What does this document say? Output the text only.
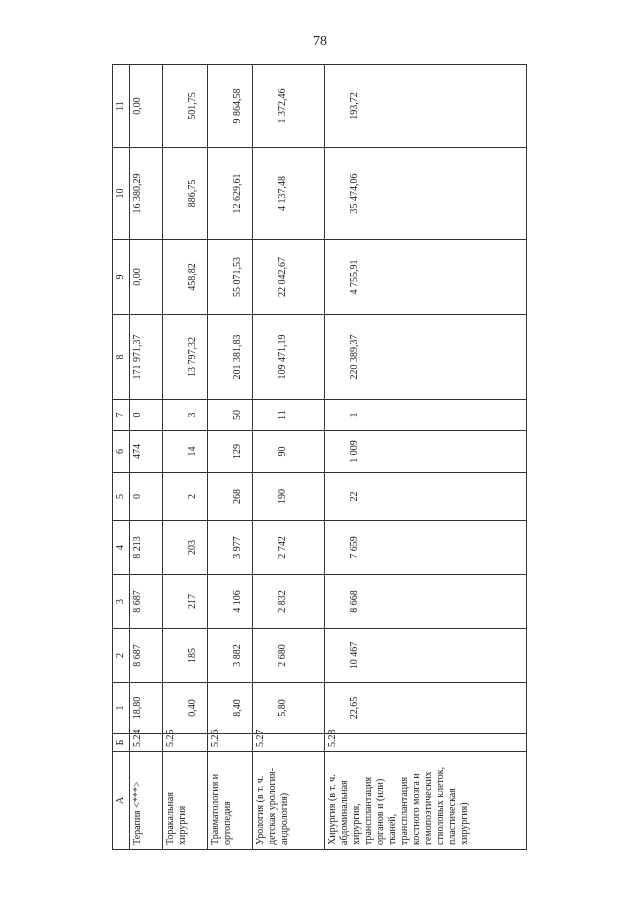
78
А	Б	1	2	3	4	5	6	7	8	9	10	11
Терапия <***>	5.24	18,80	8 687	8 687	8 213	0	474	0	171 971,37	0,00	16 380,29	0,00
Торакальная хирургия	5.25	0,40	185	217	203	2	14	3	13 797,32	458,82	886,75	501,75
Травматология и ортопедия	5.26	8,40	3 882	4 106	3 977	268	129	50	201 381,83	55 071,53	12 629,61	9 864,58
Урология (в т. ч. детская урология-андрология)	5.27	5,80	2 680	2 832	2 742	190	90	11	109 471,19	22 042,67	4 137,48	1 372,46
Хирургия (в т. ч. абдоминальная хирургия, трансплантация органов и (или) тканей, трансплантация костного мозга и гемопоэтических стволовых клеток, пластическая хирургия)	5.28	22,65	10 467	8 668	7 659	22	1 009	1	220 389,37	4 755,91	35 474,06	193,72
